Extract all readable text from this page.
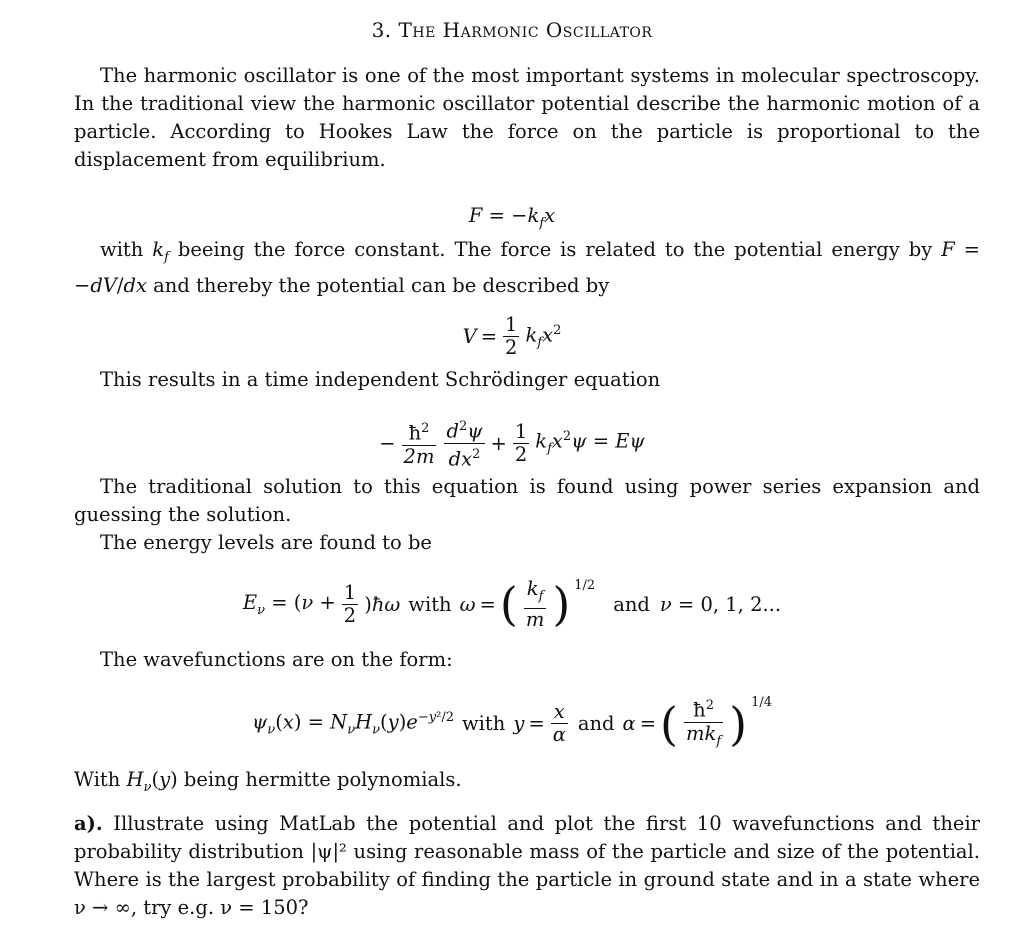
3. The Harmonic Oscillator
The harmonic oscillator is one of the most important systems in molecular spectroscopy. In the traditional view the harmonic oscillator potential describe the harmonic motion of a particle. According to Hookes Law the force on the particle is proportional to the displacement from equilibrium.
$F = -k_fx$
with $k_f$ beeing the force constant. The force is related to the potential energy by F = −dV/dx and thereby the potential can be described by
$V = \frac{1}{2} k_fx^2$
This results in a time independent Schrödinger equation
− $\frac{ħ^2}{2m} \frac{d^2\psi}{dx^2} + \frac{1}{2} k_fx^2\psi = E\psi$
The traditional solution to this equation is found using power series expansion and guessing the solution.
The energy levels are found to be
$E_\nu = (\nu + \frac{1}{2}$ )ħω with ω = ( $\frac{k_f}{m}$ ) $^{1/2}$
and ν = 0, 1, 2...
The wavefunctions are on the form:
$\psi_\nu(x) = N_\nu H_\nu(y)e^{-y^2/2}$ with $y = \frac{x}{\alpha}$ and α = ( $\frac{ħ^2}{mk_f}$ ) $^{1/4}$
With $H_\nu(y)$ being hermitte polynomials.
a). Illustrate using MatLab the potential and plot the first 10 wavefunctions and their probability distribution |ψ|² using reasonable mass of the particle and size of the potential. Where is the largest probability of finding the particle in ground state and in a state where ν → ∞, try e.g. ν = 150?
